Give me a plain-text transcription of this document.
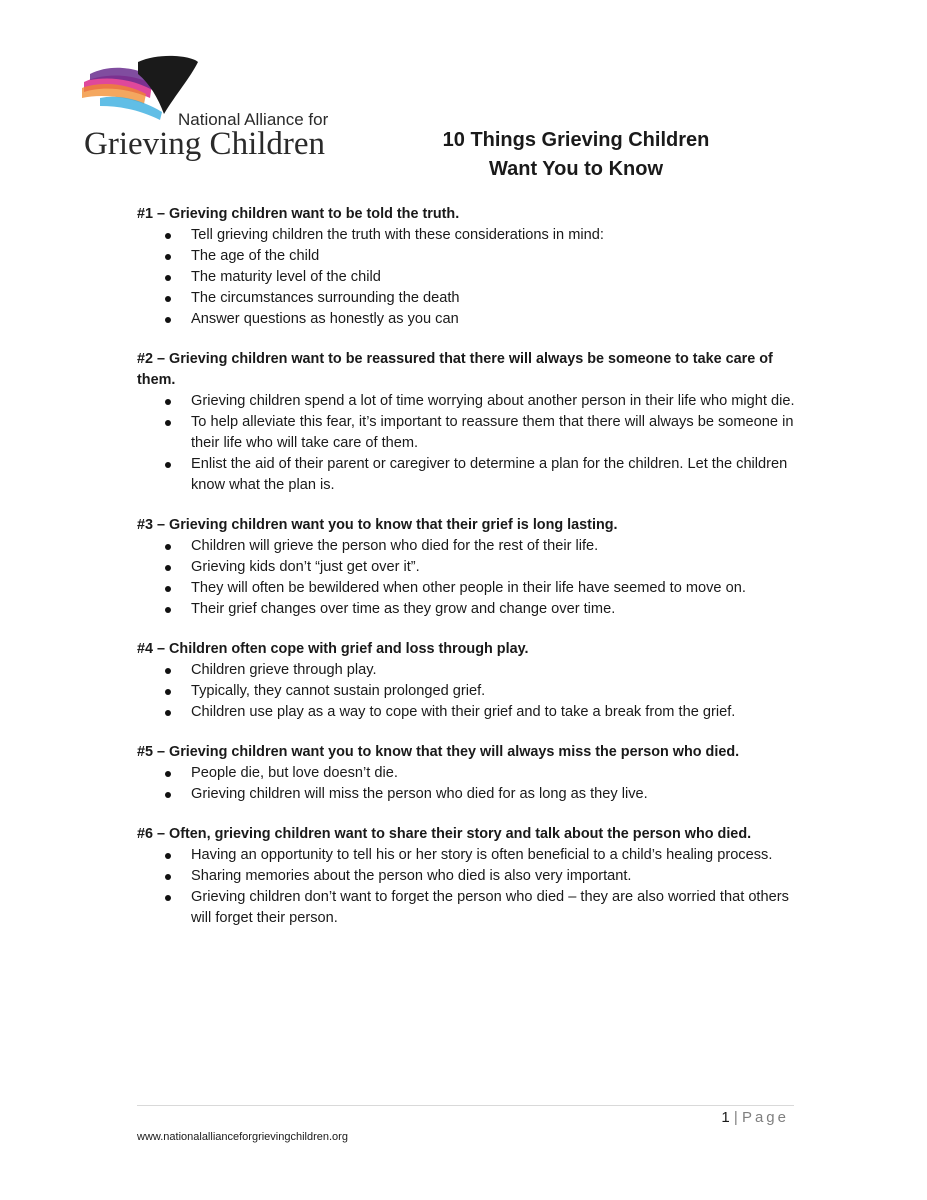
National Alliance for
Grieving Children	10 Things Grieving Children
Want You to Know
#1 – Grieving children want to be told the truth.
Tell grieving children the truth with these considerations in mind:
The age of the child
The maturity level of the child
The circumstances surrounding the death
Answer questions as honestly as you can
#2 – Grieving children want to be reassured that there will always be someone to take care of them.
Grieving children spend a lot of time worrying about another person in their life who might die.
To help alleviate this fear, it’s important to reassure them that there will always be someone in their life who will take care of them.
Enlist the aid of their parent or caregiver to determine a plan for the children. Let the children know what the plan is.
#3 – Grieving children want you to know that their grief is long lasting.
Children will grieve the person who died for the rest of their life.
Grieving kids don’t “just get over it”.
They will often be bewildered when other people in their life have seemed to move on.
Their grief changes over time as they grow and change over time.
#4 – Children often cope with grief and loss through play.
Children grieve through play.
Typically, they cannot sustain prolonged grief.
Children use play as a way to cope with their grief and to take a break from the grief.
#5 – Grieving children want you to know that they will always miss the person who died.
People die, but love doesn’t die.
Grieving children will miss the person who died for as long as they live.
#6 – Often, grieving children want to share their story and talk about the person who died.
Having an opportunity to tell his or her story is often beneficial to a child’s healing process.
Sharing memories about the person who died is also very important.
Grieving children don’t want to forget the person who died – they are also worried that others will forget their person.
1 | Page
www.nationalallianceforgrievingchildren.org
